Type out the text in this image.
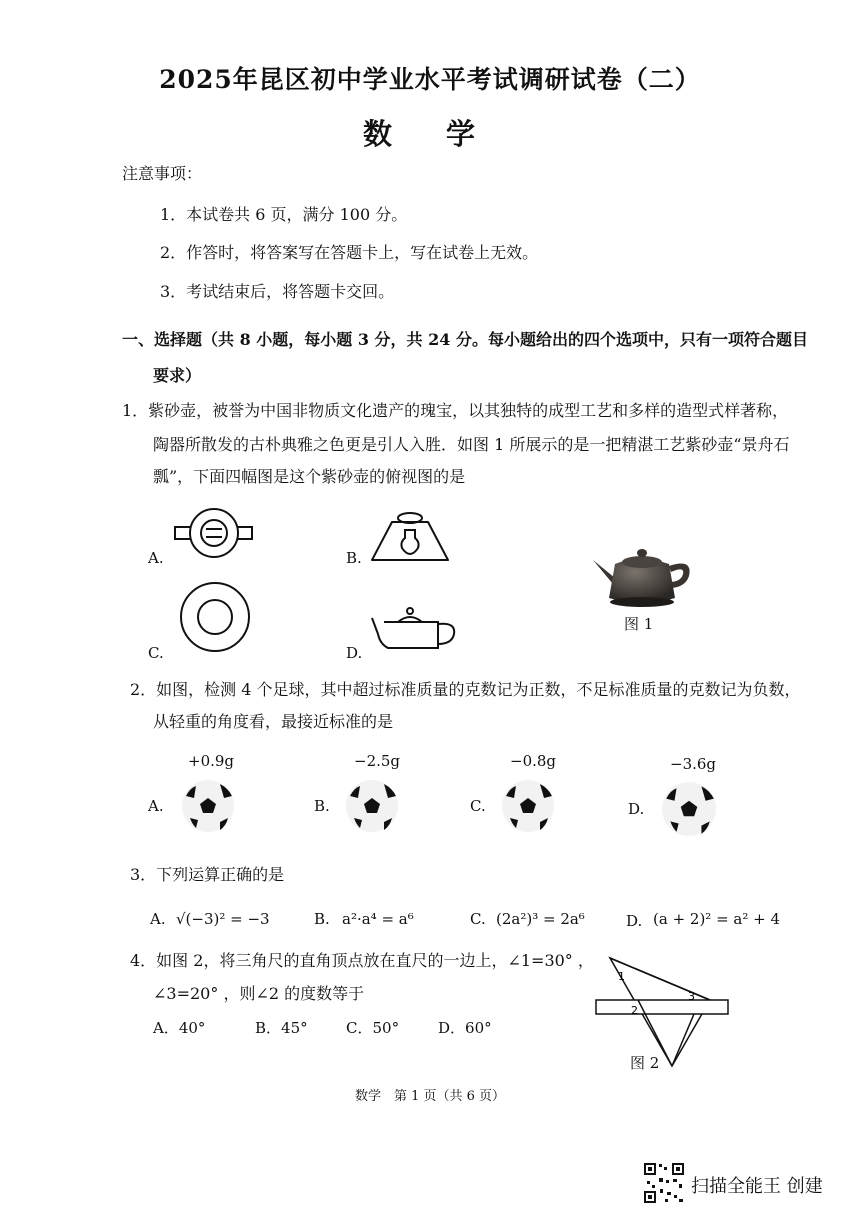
2025年昆区初中学业水平考试调研试卷（二）
数 学
注意事项：
1．本试卷共 6 页，满分 100 分。
2．作答时，将答案写在答题卡上，写在试卷上无效。
3．考试结束后，将答题卡交回。
一、选择题（共 8 小题，每小题 3 分，共 24 分。每小题给出的四个选项中，只有一项符合题目
要求）
1．紫砂壶，被誉为中国非物质文化遗产的瑰宝，以其独特的成型工艺和多样的造型式样著称，
陶器所散发的古朴典雅之色更是引人入胜．如图 1 所展示的是一把精湛工艺紫砂壶“景舟石
瓢”，下面四幅图是这个紫砂壶的俯视图的是
A.	B.
C.	D.
图 1
2．如图，检测 4 个足球，其中超过标准质量的克数记为正数，不足标准质量的克数记为负数，
从轻重的角度看，最接近标准的是
+0.9g
A.
−2.5g
B.
−0.8g
C.
−3.6g
D.
3．下列运算正确的是
A. √(−3)² = −3	B. a²·a⁴ = a⁶	C. (2a²)³ = 2a⁶	D. (a + 2)² = a² + 4
4．如图 2，将三角尺的直角顶点放在直尺的一边上，∠1=30° ，
∠3=20° ，则∠2 的度数等于
A．40°	B．45°	C．50°	D．60°
1
2
3
图 2
数学　第 1 页（共 6 页）
扫描全能王 创建
